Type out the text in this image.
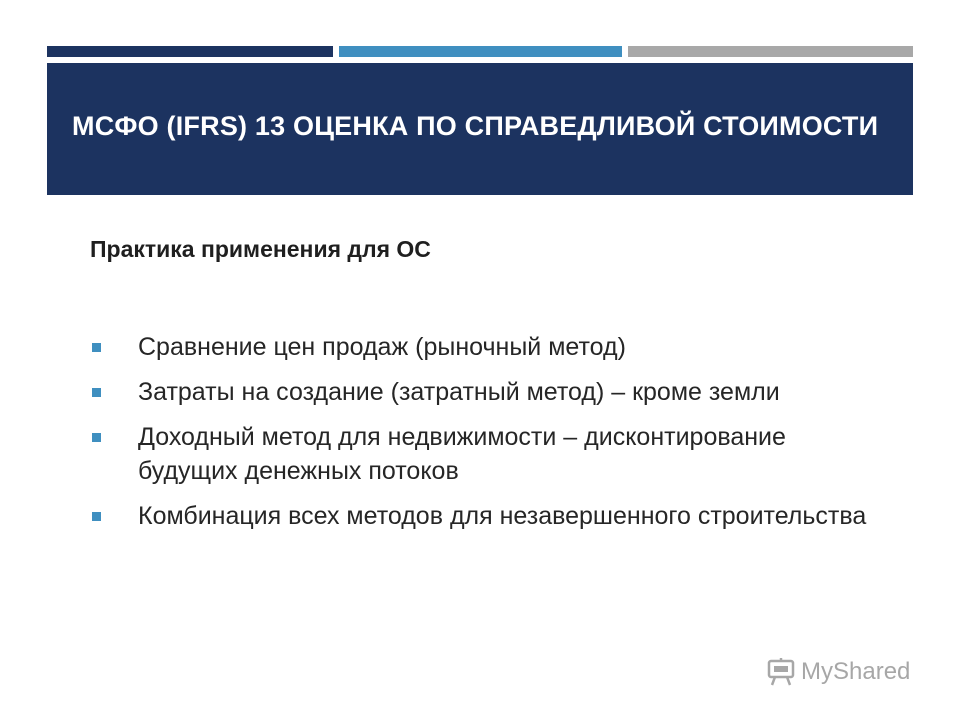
МСФО (IFRS) 13 ОЦЕНКА ПО СПРАВЕДЛИВОЙ СТОИМОСТИ
Практика применения для ОС
Сравнение цен продаж (рыночный метод)
Затраты на создание (затратный метод) – кроме земли
Доходный метод для недвижимости – дисконтирование будущих денежных потоков
Комбинация всех методов для незавершенного строительства
MyShared
